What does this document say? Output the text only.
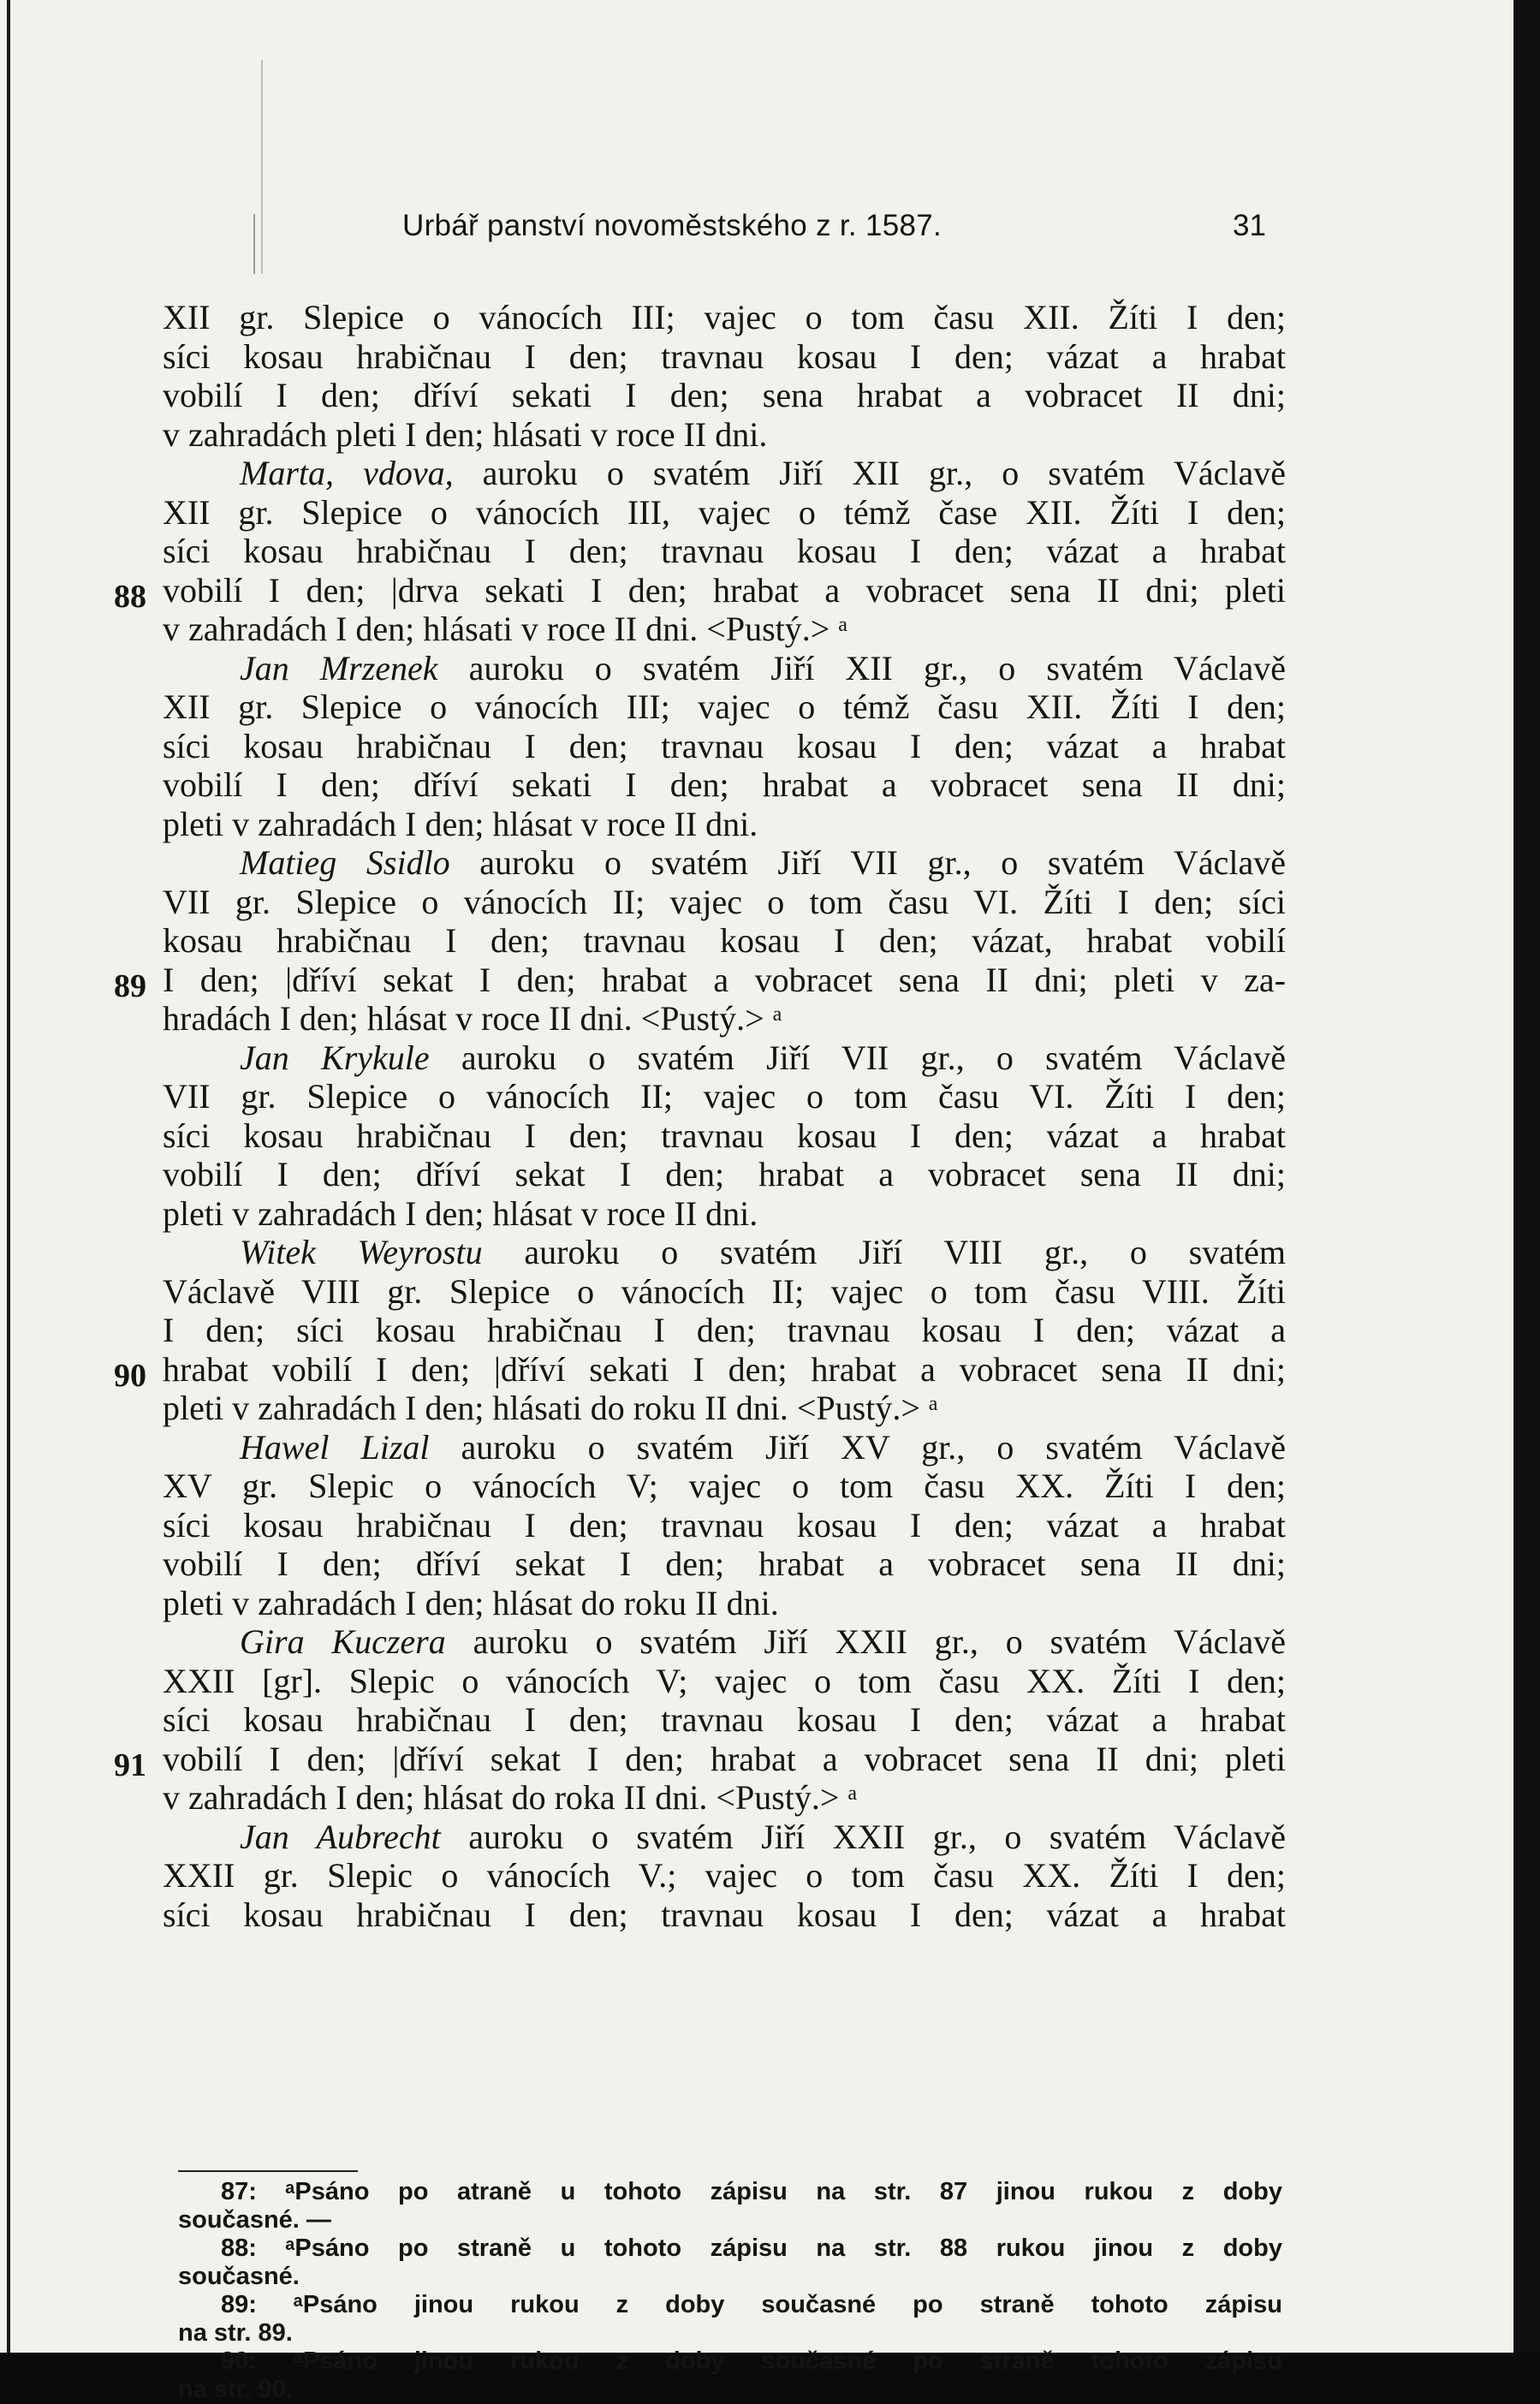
Urbář panství novoměstského z r. 1587.	31
XII gr. Slepice o vánocích III; vajec o tom času XII. Žíti I den;
síci kosau hrabičnau I den; travnau kosau I den; vázat a hrabat
vobilí I den; dříví sekati I den; sena hrabat a vobracet II dni;
v zahradách pleti I den; hlásati v roce II dni.
Marta, vdova, auroku o svatém Jiří XII gr., o svatém Václavě
XII gr. Slepice o vánocích III, vajec o témž čase XII. Žíti I den;
síci kosau hrabičnau I den; travnau kosau I den; vázat a hrabat
vobilí I den; |drva sekati I den; hrabat a vobracet sena II dni; pleti
v zahradách I den; hlásati v roce II dni. <Pustý.> ᵃ
Jan Mrzenek auroku o svatém Jiří XII gr., o svatém Václavě
XII gr. Slepice o vánocích III; vajec o témž času XII. Žíti I den;
síci kosau hrabičnau I den; travnau kosau I den; vázat a hrabat
vobilí I den; dříví sekati I den; hrabat a vobracet sena II dni;
pleti v zahradách I den; hlásat v roce II dni.
Matieg Ssidlo auroku o svatém Jiří VII gr., o svatém Václavě
VII gr. Slepice o vánocích II; vajec o tom času VI. Žíti I den; síci
kosau hrabičnau I den; travnau kosau I den; vázat, hrabat vobilí
I den; |dříví sekat I den; hrabat a vobracet sena II dni; pleti v za-
hradách I den; hlásat v roce II dni. <Pustý.> ᵃ
Jan Krykule auroku o svatém Jiří VII gr., o svatém Václavě
VII gr. Slepice o vánocích II; vajec o tom času VI. Žíti I den;
síci kosau hrabičnau I den; travnau kosau I den; vázat a hrabat
vobilí I den; dříví sekat I den; hrabat a vobracet sena II dni;
pleti v zahradách I den; hlásat v roce II dni.
Witek Weyrostu auroku o svatém Jiří VIII gr., o svatém
Václavě VIII gr. Slepice o vánocích II; vajec o tom času VIII. Žíti
I den; síci kosau hrabičnau I den; travnau kosau I den; vázat a
hrabat vobilí I den; |dříví sekati I den; hrabat a vobracet sena II dni;
pleti v zahradách I den; hlásati do roku II dni. <Pustý.> ᵃ
Hawel Lizal auroku o svatém Jiří XV gr., o svatém Václavě
XV gr. Slepic o vánocích V; vajec o tom času XX. Žíti I den;
síci kosau hrabičnau I den; travnau kosau I den; vázat a hrabat
vobilí I den; dříví sekat I den; hrabat a vobracet sena II dni;
pleti v zahradách I den; hlásat do roku II dni.
Gira Kuczera auroku o svatém Jiří XXII gr., o svatém Václavě
XXII [gr]. Slepic o vánocích V; vajec o tom času XX. Žíti I den;
síci kosau hrabičnau I den; travnau kosau I den; vázat a hrabat
vobilí I den; |dříví sekat I den; hrabat a vobracet sena II dni; pleti
v zahradách I den; hlásat do roka II dni. <Pustý.> ᵃ
Jan Aubrecht auroku o svatém Jiří XXII gr., o svatém Václavě
XXII gr. Slepic o vánocích V.; vajec o tom času XX. Žíti I den;
síci kosau hrabičnau I den; travnau kosau I den; vázat a hrabat
88
89
90
91
87: ᵃPsáno po atraně u tohoto zápisu na str. 87 jinou rukou z doby
současné. —
88: ᵃPsáno po straně u tohoto zápisu na str. 88 rukou jinou z doby
současné.
89: ᵃPsáno jinou rukou z doby současné po straně tohoto zápisu
na str. 89.
90: ᵃPsáno jinou rukou z doby současné po straně tohoto zápisu
na str. 90.
